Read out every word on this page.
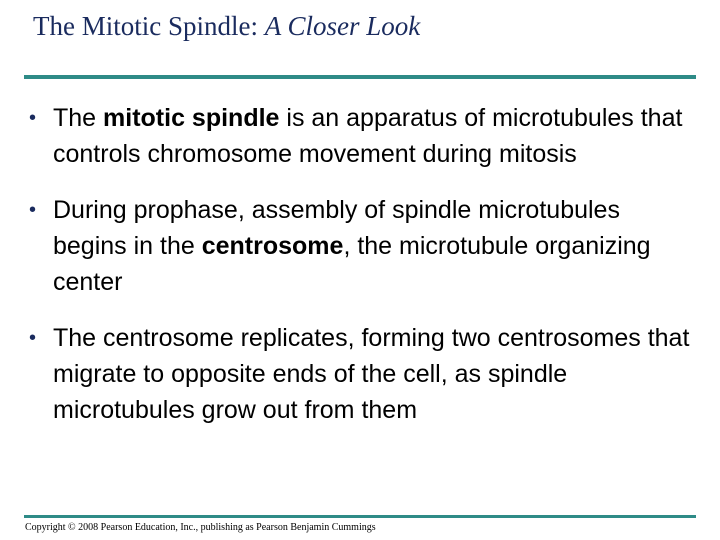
The Mitotic Spindle: A Closer Look
• The mitotic spindle is an apparatus of microtubules that controls chromosome movement during mitosis
• During prophase, assembly of spindle microtubules begins in the centrosome, the microtubule organizing center
• The centrosome replicates, forming two centrosomes that migrate to opposite ends of the cell, as spindle microtubules grow out from them
Copyright © 2008 Pearson Education, Inc., publishing as Pearson Benjamin Cummings
